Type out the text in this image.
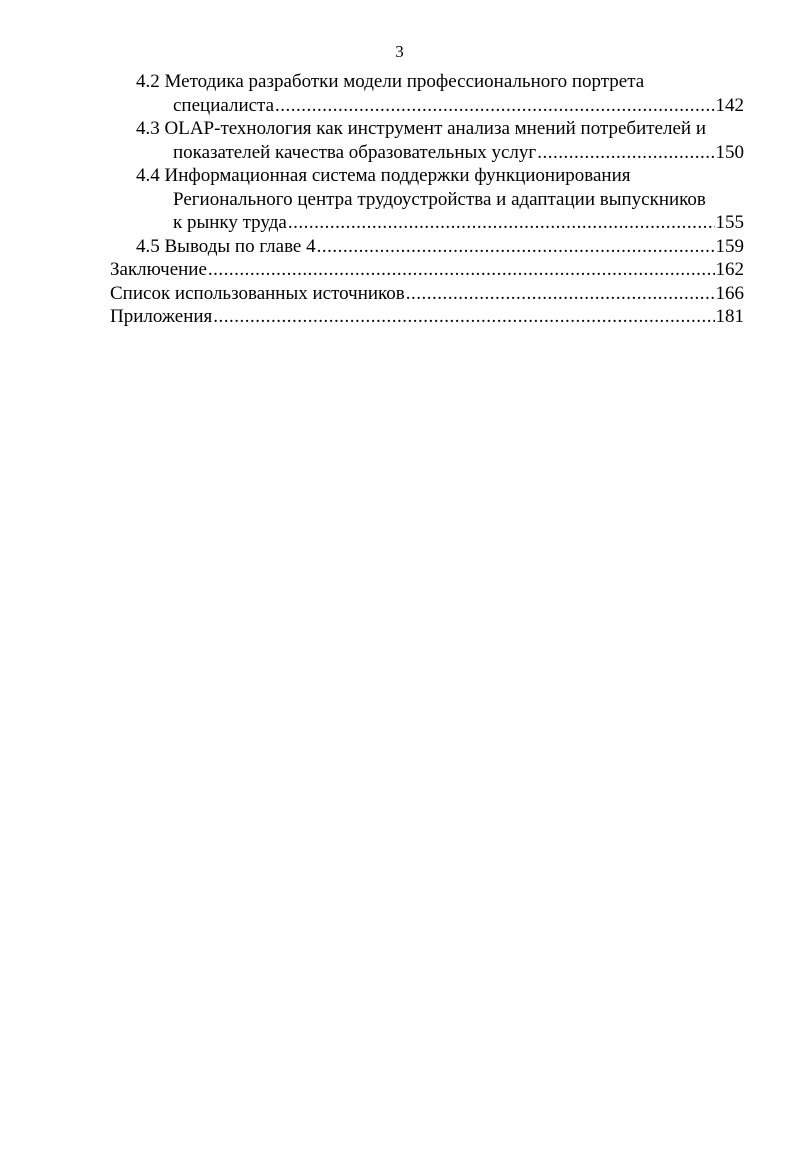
3
4.2 Методика разработки модели профессионального портрета
специалиста .....	142
4.3 OLAP-технология как инструмент анализа мнений потребителей и
показателей качества образовательных услуг .....	150
4.4 Информационная система поддержки функционирования
Регионального центра трудоустройства и адаптации выпускников
к рынку труда .....	155
4.5 Выводы по главе 4 .....	159
Заключение .....	162
Список использованных источников .....	166
Приложения .....	181
